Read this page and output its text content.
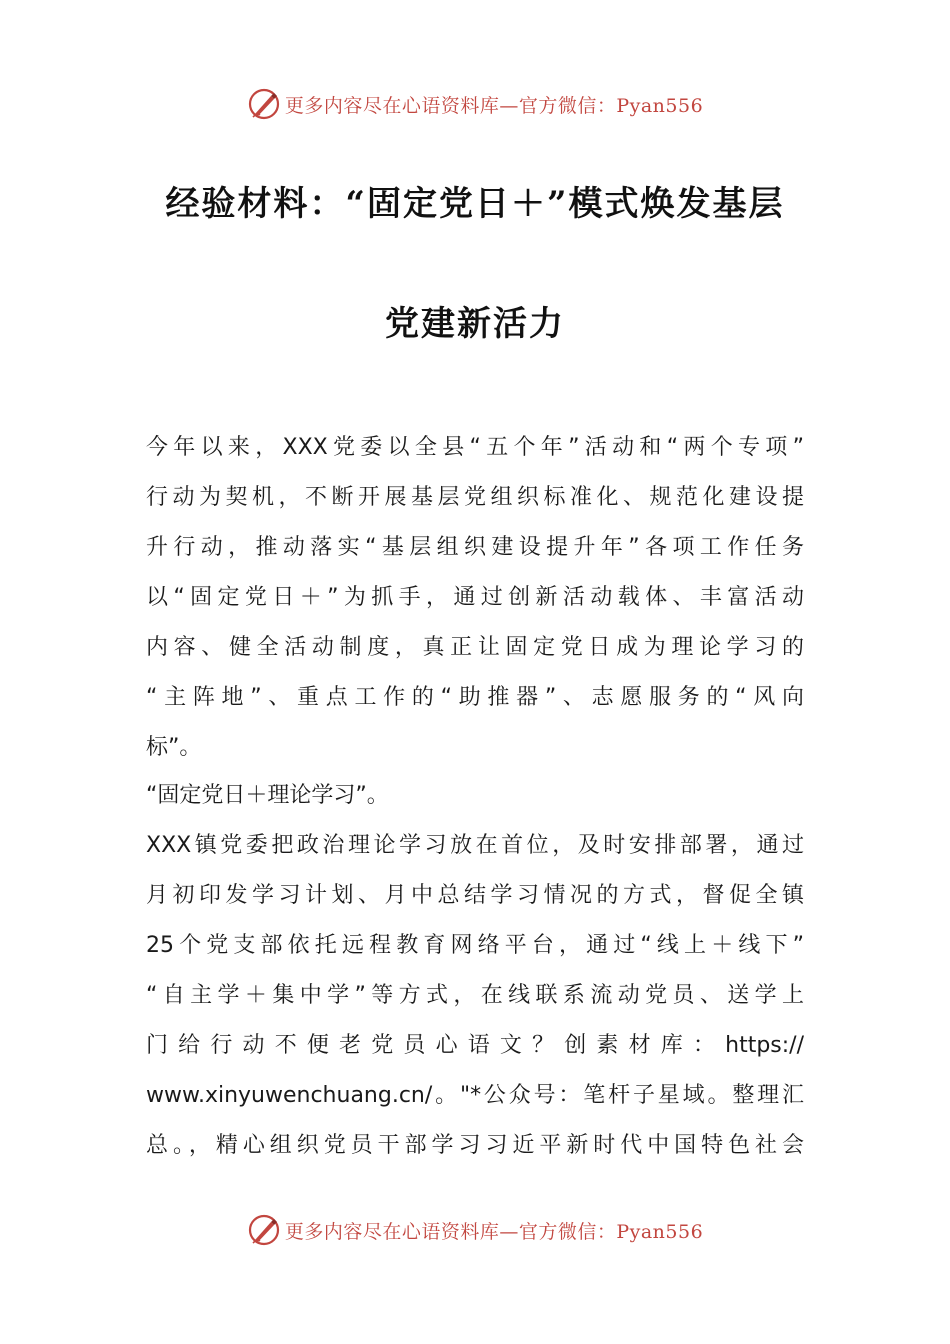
更多内容尽在心语资料库—官方微信：Pyan556
经验材料：“固定党日＋”模式焕发基层
党建新活力
今年以来，XXX党委以全县“五个年”活动和“两个专项”
行动为契机，不断开展基层党组织标准化、规范化建设提
升行动，推动落实“基层组织建设提升年”各项工作任务
以“固定党日＋”为抓手，通过创新活动载体、丰富活动
内容、健全活动制度，真正让固定党日成为理论学习的
“主阵地”、重点工作的“助推器”、志愿服务的“风向
标”。
“固定党日＋理论学习”。
XXX镇党委把政治理论学习放在首位，及时安排部署，通过
月初印发学习计划、月中总结学习情况的方式，督促全镇
25个党支部依托远程教育网络平台，通过“线上＋线下”
“自主学＋集中学”等方式，在线联系流动党员、送学上
门给行动不便老党员心语文？创素材库：https://
www.xinyuwenchuang.cn/。"*公众号：笔杆子星域。整理汇
总。，精心组织党员干部学习习近平新时代中国特色社会
更多内容尽在心语资料库—官方微信：Pyan556
